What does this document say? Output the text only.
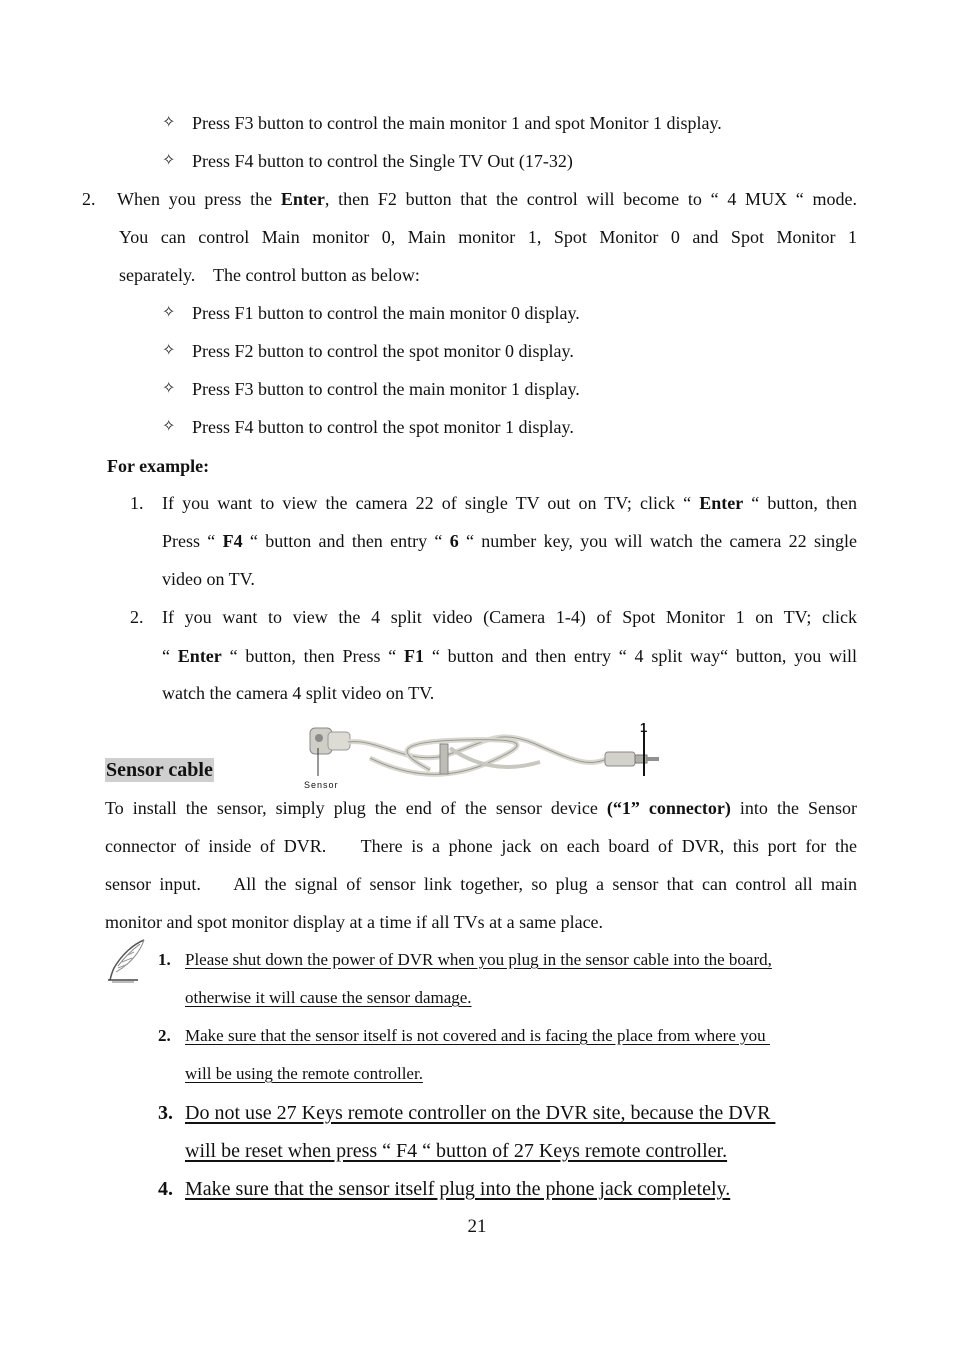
✧ Press F3 button to control the main monitor 1 and spot Monitor 1 display.
✧ Press F4 button to control the Single TV Out (17-32)
2. When you press the Enter, then F2 button that the control will become to “ 4 MUX “ mode.
You can control Main monitor 0, Main monitor 1, Spot Monitor 0 and Spot Monitor 1
separately.    The control button as below:
✧ Press F1 button to control the main monitor 0 display.
✧ Press F2 button to control the spot monitor 0 display.
✧ Press F3 button to control the main monitor 1 display.
✧ Press F4 button to control the spot monitor 1 display.
For example:
1. If you want to view the camera 22 of single TV out on TV; click “ Enter “ button, then
Press “ F4 “ button and then entry “ 6 “ number key, you will watch the camera 22 single
video on TV.
2. If you want to view the 4 split video (Camera 1-4) of Spot Monitor 1 on TV; click
“ Enter “ button, then Press “ F1 “ button and then entry “ 4 split way“ button, you will
watch the camera 4 split video on TV.
Sensor
1
Sensor cable
To install the sensor, simply plug the end of the sensor device (“1” connector) into the Sensor
connector of inside of DVR.    There is a phone jack on each board of DVR, this port for the
sensor input.    All the signal of sensor link together, so plug a sensor that can control all main
monitor and spot monitor display at a time if all TVs at a same place.
1. Please shut down the power of DVR when you plug in the sensor cable into the board,
otherwise it will cause the sensor damage.
2. Make sure that the sensor itself is not covered and is facing the place from where you
will be using the remote controller.
3. Do not use 27 Keys remote controller on the DVR site, because the DVR
will be reset when press “ F4 “ button of 27 Keys remote controller.
4. Make sure that the sensor itself plug into the phone jack completely.
21
